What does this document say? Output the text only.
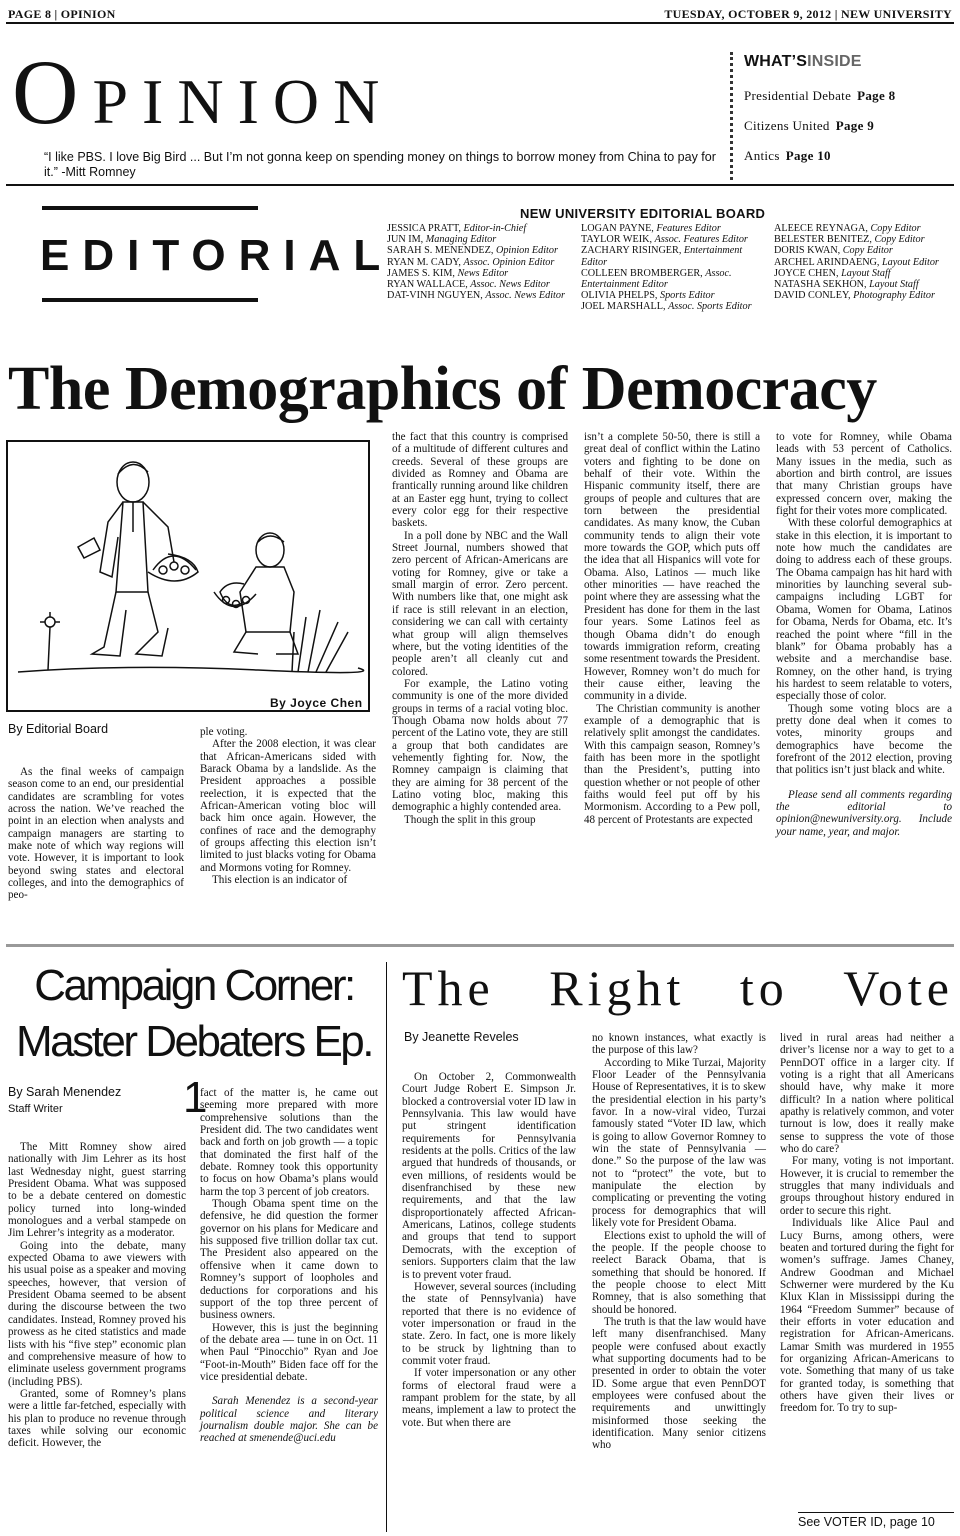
PAGE 8 | OPINION	TUESDAY, OCTOBER 9, 2012 | NEW UNIVERSITY
Opinion
“I like PBS. I love Big Bird ... But I’m not gonna keep on spending money on things to borrow money from China to pay for it.” -Mitt Romney
WHAT’SINSIDE
Presidential Debate Page 8
Citizens United Page 9
Antics Page 10
EDITORIAL
NEW UNIVERSITY EDITORIAL BOARD
JESSICA PRATT, Editor-in-Chief
JUN IM, Managing Editor
SARAH S. MENENDEZ, Opinion Editor
RYAN M. CADY, Assoc. Opinion Editor
JAMES S. KIM, News Editor
RYAN WALLACE, Assoc. News Editor
DAT-VINH NGUYEN, Assoc. News Editor
LOGAN PAYNE, Features Editor
TAYLOR WEIK, Assoc. Features Editor
ZACHARY RISINGER, Entertainment Editor
COLLEEN BROMBERGER, Assoc. Entertainment Editor
OLIVIA PHELPS, Sports Editor
JOEL MARSHALL, Assoc. Sports Editor
ALEECE REYNAGA, Copy Editor
BELESTER BENITEZ, Copy Editor
DORIS KWAN, Copy Editor
ARCHEL ARINDAENG, Layout Editor
JOYCE CHEN, Layout Staff
NATASHA SEKHON, Layout Staff
DAVID CONLEY, Photography Editor
The Demographics of Democracy
By Joyce Chen
By Editorial Board

As the final weeks of campaign season come to an end, our presidential candidates are scrambling for votes across the nation. We’ve reached the point in an election when analysts and campaign managers are starting to make note of which way regions will vote. However, it is important to look beyond swing states and electoral colleges, and into the demographics of peo-

ple voting.

After the 2008 election, it was clear that African-Americans sided with Barack Obama by a landslide. As the President approaches a possible reelection, it is expected that the African-American voting bloc will back him once again. However, the confines of race and the demography of groups affecting this election isn’t limited to just blacks voting for Obama and Mormons voting for Romney.

This election is an indicator of

the fact that this country is comprised of a multitude of different cultures and creeds. Several of these groups are divided as Romney and Obama are frantically running around like children at an Easter egg hunt, trying to collect every color egg for their respective baskets.

In a poll done by NBC and the Wall Street Journal, numbers showed that zero percent of African-Americans are voting for Romney, give or take a small margin of error. Zero percent. With numbers like that, one might ask if race is still relevant in an election, considering we can call with certainty what group will align themselves where, but the voting identities of the people aren’t all cleanly cut and colored.

For example, the Latino voting community is one of the more divided groups in terms of a racial voting bloc. Though Obama now holds about 77 percent of the Latino vote, they are still a group that both candidates are vehemently fighting for. Now, the Romney campaign is claiming that they are aiming for 38 percent of the Latino voting bloc, making this demographic a highly contended area.

Though the split in this group

isn’t a complete 50-50, there is still a great deal of conflict within the Latino voters and fighting to be done on behalf of their vote. Within the Hispanic community itself, there are groups of people and cultures that are torn between the presidential candidates. As many know, the Cuban community tends to align their vote more towards the GOP, which puts off the idea that all Hispanics will vote for Obama. Also, Latinos — much like other minorities — have reached the point where they are assessing what the President has done for them in the last four years. Some Latinos feel as though Obama didn’t do enough towards immigration reform, creating some resentment towards the President. However, Romney won’t do much for their cause either, leaving the community in a divide.

The Christian community is another example of a demographic that is relatively split amongst the candidates. With this campaign season, Romney’s faith has been more in the spotlight than the President’s, putting into question whether or not people of other faiths would feel put off by his Mormonism. According to a Pew poll, 48 percent of Protestants are expected

to vote for Romney, while Obama leads with 53 percent of Catholics. Many issues in the media, such as abortion and birth control, are issues that many Christian groups have expressed concern over, making the fight for their votes more complicated.

With these colorful demographics at stake in this election, it is important to note how much the candidates are doing to address each of these groups. The Obama campaign has hit hard with minorities by launching several sub-campaigns including LGBT for Obama, Women for Obama, Latinos for Obama, Nerds for Obama, etc. It’s reached the point where “fill in the blank” for Obama probably has a website and a merchandise base. Romney, on the other hand, is trying his hardest to seem relatable to voters, especially those of color.

Though some voting blocs are a pretty done deal when it comes to votes, minority groups and demographics have become the forefront of the 2012 election, proving that politics isn’t just black and white.

Please send all comments regarding the editorial to opinion@newuniversity.org. Include your name, year, and major.

Campaign Corner:
Master Debaters Ep. 1
By Sarah Menendez
Staff Writer

The Mitt Romney show aired nationally with Jim Lehrer as its host last Wednesday night, guest starring President Obama. What was supposed to be a debate centered on domestic policy turned into long-winded monologues and a verbal stampede on Jim Lehrer’s integrity as a moderator.

Going into the debate, many expected Obama to awe viewers with his usual poise as a speaker and moving speeches, however, that version of President Obama seemed to be absent during the discourse between the two candidates. Instead, Romney proved his prowess as he cited statistics and made lists with his “five step” economic plan and comprehensive measure of how to eliminate useless government programs (including PBS).

Granted, some of Romney’s plans were a little far-fetched, especially with his plan to produce no revenue through taxes while solving our economic deficit. However, the

fact of the matter is, he came out seeming more prepared with more comprehensive solutions than the President did. The two candidates went back and forth on job growth — a topic that dominated the first half of the debate. Romney took this opportunity to focus on how Obama’s plans would harm the top 3 percent of job creators.

Though Obama spent time on the defensive, he did question the former governor on his plans for Medicare and his supposed five trillion dollar tax cut. The President also appeared on the offensive when it came down to Romney’s support of loopholes and deductions for corporations and his support of the top three percent of business owners.

However, this is just the beginning of the debate area — tune in on Oct. 11 when Paul “Pinocchio” Ryan and Joe “Foot-in-Mouth” Biden face off for the vice presidential debate.

Sarah Menendez is a second-year political science and literary journalism double major. She can be reached at smenende@uci.edu

The Right to Vote
By Jeanette Reveles

On October 2, Commonwealth Court Judge Robert E. Simpson Jr. blocked a controversial voter ID law in Pennsylvania. This law would have put stringent identification requirements for Pennsylvania residents at the polls. Critics of the law argued that hundreds of thousands, or even millions, of residents would be disenfranchised by these new requirements, and that the law disproportionately affected African-Americans, Latinos, college students and groups that tend to support Democrats, with the exception of seniors. Supporters claim that the law is to prevent voter fraud.

However, several sources (including the state of Pennsylvania) have reported that there is no evidence of voter impersonation or fraud in the state. Zero. In fact, one is more likely to be struck by lightning than to commit voter fraud.

If voter impersonation or any other forms of electoral fraud were a rampant problem for the state, by all means, implement a law to protect the vote. But when there are

no known instances, what exactly is the purpose of this law?

According to Mike Turzai, Majority Floor Leader of the Pennsylvania House of Representatives, it is to skew the presidential election in his party’s favor. In a now-viral video, Turzai famously stated “Voter ID law, which is going to allow Governor Romney to win the state of Pennsylvania — done.” So the purpose of the law was not to “protect” the vote, but to manipulate the election by complicating or preventing the voting process for demographics that will likely vote for President Obama.

Elections exist to uphold the will of the people. If the people choose to reelect Barack Obama, that is something that should be honored. If the people choose to elect Mitt Romney, that is also something that should be honored.

The truth is that the law would have left many disenfranchised. Many people were confused about exactly what supporting documents had to be presented in order to obtain the voter ID. Some argue that even PennDOT employees were confused about the requirements and unwittingly misinformed those seeking the identification. Many senior citizens who

lived in rural areas had neither a driver’s license nor a way to get to a PennDOT office in a larger city. If voting is a right that all Americans should have, why make it more difficult? In a nation where political apathy is relatively common, and voter turnout is low, does it really make sense to suppress the vote of those who do care?

For many, voting is not important. However, it is crucial to remember the struggles that many individuals and groups throughout history endured in order to secure this right.

Individuals like Alice Paul and Lucy Burns, among others, were beaten and tortured during the fight for women’s suffrage. James Chaney, Andrew Goodman and Michael Schwerner were murdered by the Ku Klux Klan in Mississippi during the 1964 “Freedom Summer” because of their efforts in voter education and registration for African-Americans. Lamar Smith was murdered in 1955 for organizing African-Americans to vote. Something that many of us take for granted today, is something that others have given their lives or freedom for. To try to sup-

See VOTER ID, page 10
